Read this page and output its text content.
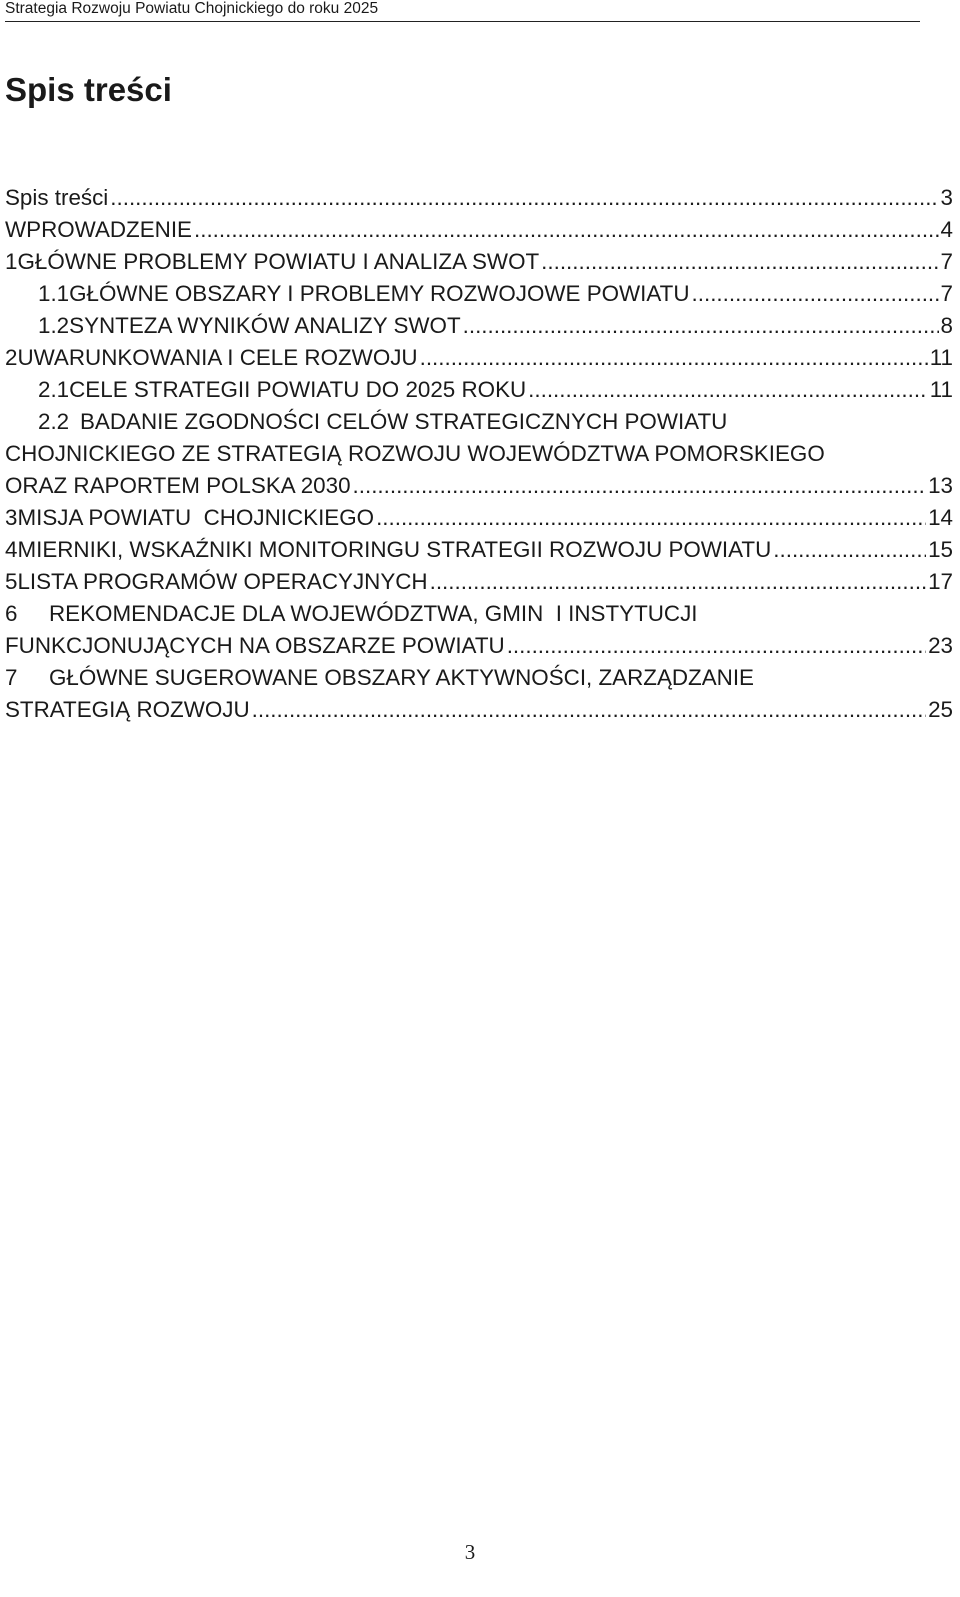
Strategia Rozwoju Powiatu Chojnickiego do roku 2025
Spis treści
Spis treści .....	3
WPROWADZENIE .....	4
1 GŁÓWNE PROBLEMY POWIATU I ANALIZA SWOT .....	7
1.1 GŁÓWNE OBSZARY I PROBLEMY ROZWOJOWE POWIATU .....	7
1.2 SYNTEZA WYNIKÓW ANALIZY SWOT .....	8
2 UWARUNKOWANIA I CELE ROZWOJU .....	11
2.1 CELE STRATEGII POWIATU DO 2025 ROKU .....	11
2.2 BADANIE ZGODNOŚCI CELÓW STRATEGICZNYCH POWIATU
CHOJNICKIEGO ZE STRATEGIĄ ROZWOJU WOJEWÓDZTWA POMORSKIEGO
ORAZ RAPORTEM POLSKA 2030 .....	13
3 MISJA POWIATU  CHOJNICKIEGO .....	14
4 MIERNIKI, WSKAŹNIKI MONITORINGU STRATEGII ROZWOJU POWIATU .....	15
5 LISTA PROGRAMÓW OPERACYJNYCH .....	17
6 REKOMENDACJE DLA WOJEWÓDZTWA, GMIN  I INSTYTUCJI
FUNKCJONUJĄCYCH NA OBSZARZE POWIATU .....	23
7 GŁÓWNE SUGEROWANE OBSZARY AKTYWNOŚCI, ZARZĄDZANIE
STRATEGIĄ ROZWOJU .....	25
3
